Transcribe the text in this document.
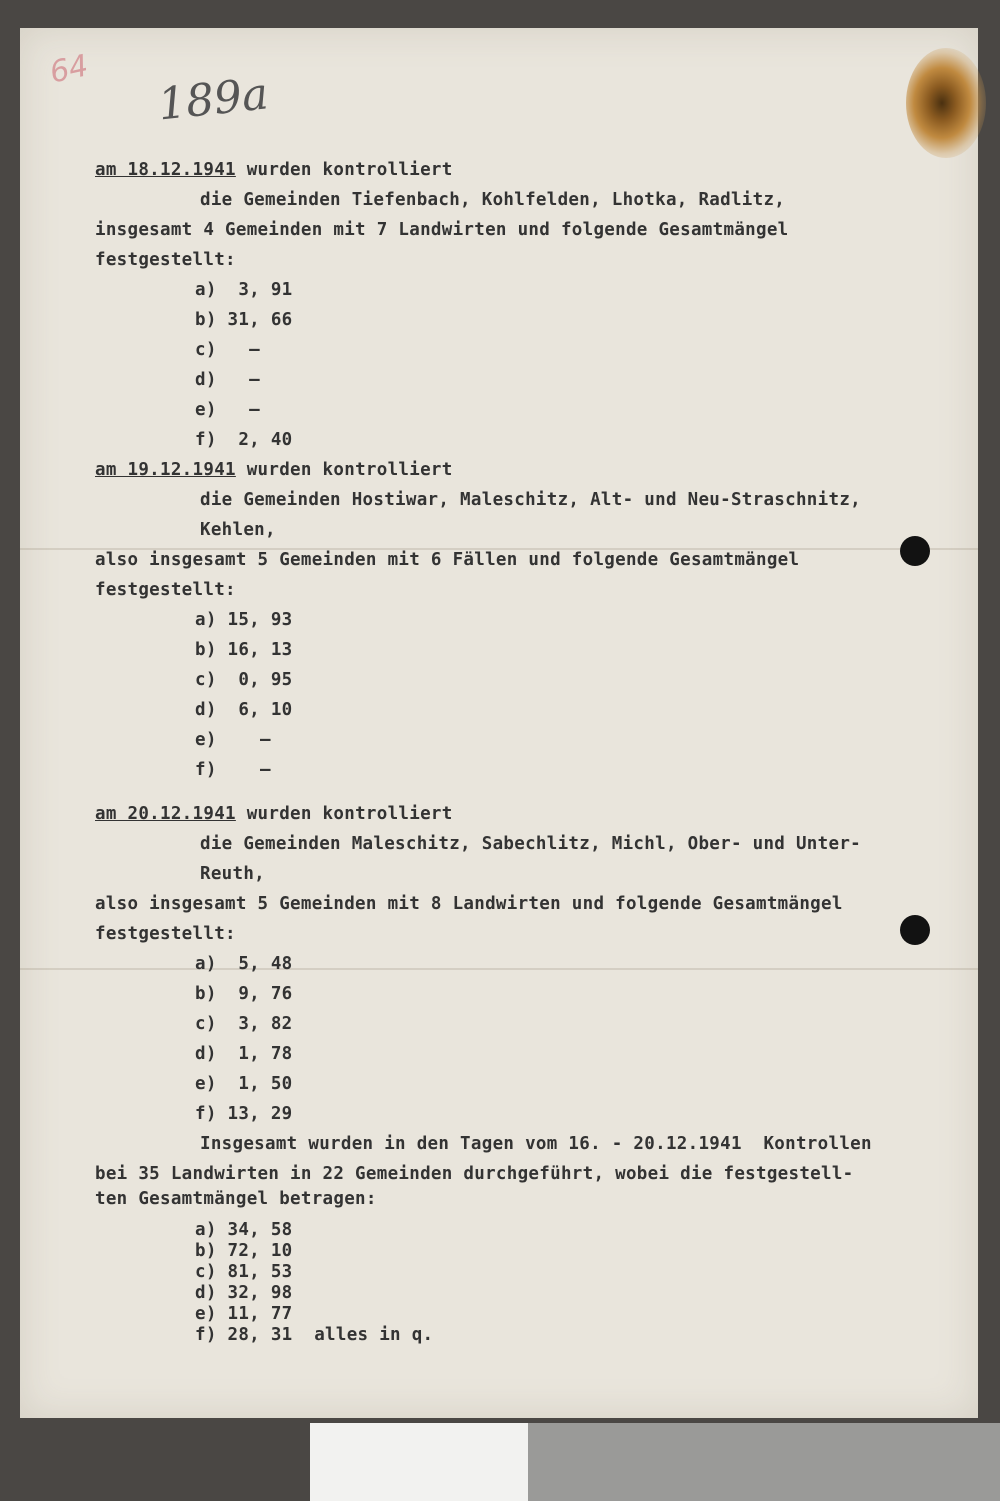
64 189a
am 18.12.1941 wurden kontrolliert
die Gemeinden Tiefenbach, Kohlfelden, Lhotka, Radlitz,
insgesamt 4 Gemeinden mit 7 Landwirten und folgende Gesamtmängel
festgestellt:
a)  3, 91
b) 31, 66
c)   —
d)   —
e)   —
f)  2, 40
am 19.12.1941 wurden kontrolliert
die Gemeinden Hostiwar, Maleschitz, Alt- und Neu-Straschnitz,
Kehlen,
also insgesamt 5 Gemeinden mit 6 Fällen und folgende Gesamtmängel
festgestellt:
a) 15, 93
b) 16, 13
c)  0, 95
d)  6, 10
e)    —
f)    —
am 20.12.1941 wurden kontrolliert
die Gemeinden Maleschitz, Sabechlitz, Michl, Ober- und Unter-
Reuth,
also insgesamt 5 Gemeinden mit 8 Landwirten und folgende Gesamtmängel
festgestellt:
a)  5, 48
b)  9, 76
c)  3, 82
d)  1, 78
e)  1, 50
f) 13, 29
Insgesamt wurden in den Tagen vom 16. - 20.12.1941  Kontrollen
bei 35 Landwirten in 22 Gemeinden durchgeführt, wobei die festgestell-
ten Gesamtmängel betragen:
a) 34, 58
b) 72, 10
c) 81, 53
d) 32, 98
e) 11, 77
f) 28, 31  alles in q.
